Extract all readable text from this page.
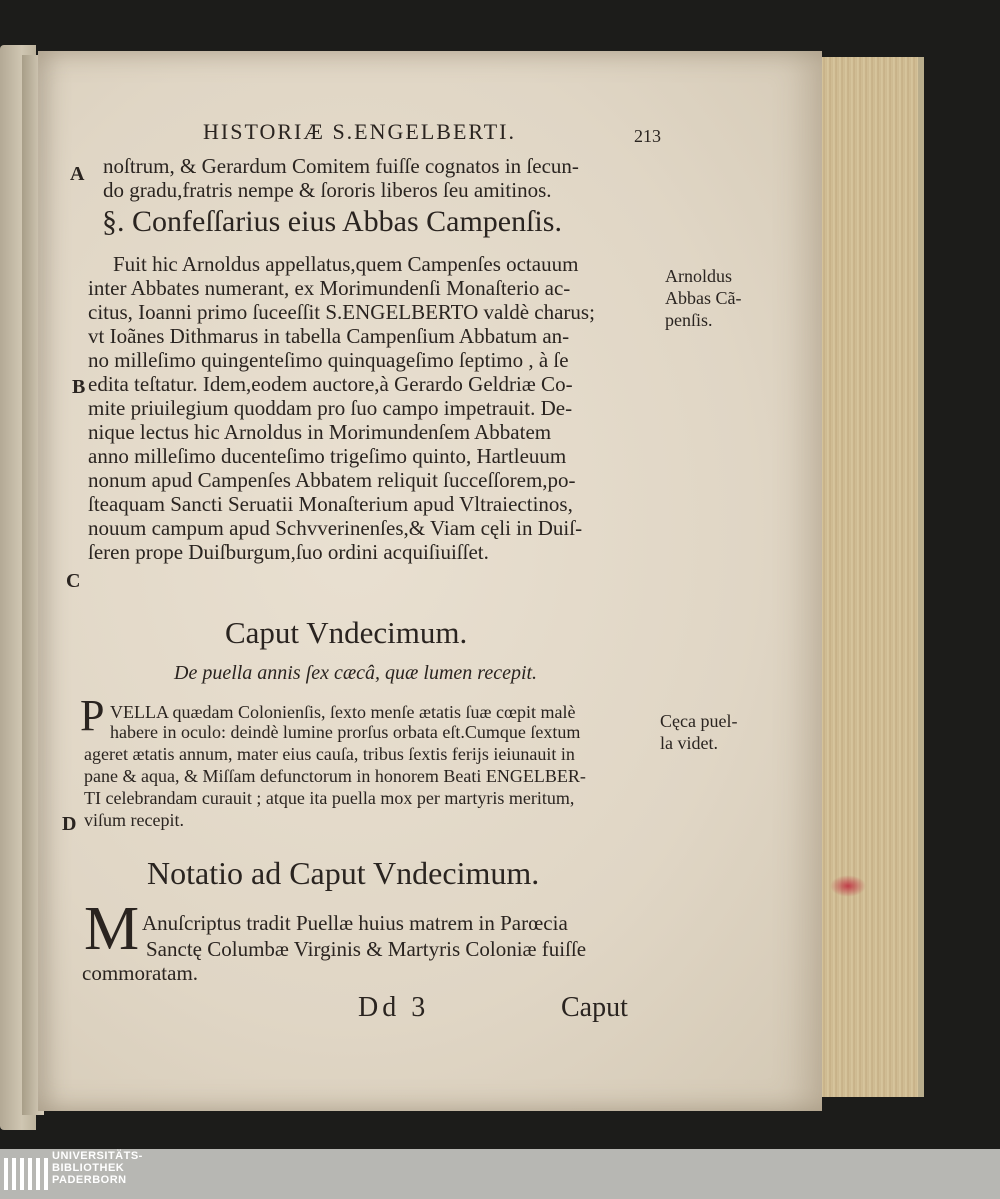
HISTORIÆ S.ENGELBERTI.	213
noſtrum, & Gerardum Comitem fuiſſe cognatos in ſecun-
do gradu,fratris nempe & ſororis liberos ſeu amitinos.
A
§. Confeſſarius eius Abbas Campenſis.
Fuit hic Arnoldus appellatus,quem Campenſes octauum
inter Abbates numerant, ex Morimundenſi Monaſterio ac-
citus, Ioanni primo ſuceeſſit S.ENGELBERTO valdè charus;
vt Ioãnes Dithmarus in tabella Campenſium Abbatum an-
no milleſimo quingenteſimo quinquageſimo ſeptimo , à ſe
edita teſtatur. Idem,eodem auctore,à Gerardo Geldriæ Co-
mite priuilegium quoddam pro ſuo campo impetrauit. De-
nique lectus hic Arnoldus in Morimundenſem Abbatem
anno milleſimo ducenteſimo trigeſimo quinto, Hartleuum
nonum apud Campenſes Abbatem reliquit ſucceſſorem,po-
ſteaquam Sancti Seruatii Monaſterium apud Vltraiectinos,
nouum campum apud Schvverinenſes,& Viam cęli in Duiſ-
ſeren prope Duiſburgum,ſuo ordini acquiſiuiſſet.
B
C
Arnoldus
Abbas Cã-
penſis.
Caput Vndecimum.
De puella annis ſex cæcâ, quæ lumen recepit.
P VELLA quædam Colonienſis, ſexto menſe ætatis ſuæ cœpit malè
habere in oculo: deindè lumine prorſus orbata eſt.Cumque ſextum
ageret ætatis annum, mater eius cauſa, tribus ſextis ferijs ieiunauit in
pane & aqua, & Miſſam defunctorum in honorem Beati ENGELBER-
TI celebrandam curauit ; atque ita puella mox per martyris meritum,
viſum recepit.
D
Cęca puel-
la videt.
Notatio ad Caput Vndecimum.
M Anuſcriptus tradit Puellæ huius matrem in Parœcia
Sanctę Columbæ Virginis & Martyris Coloniæ fuiſſe
commoratam.
Dd 3	Caput
UNIVERSITÄTS-
BIBLIOTHEK
PADERBORN
